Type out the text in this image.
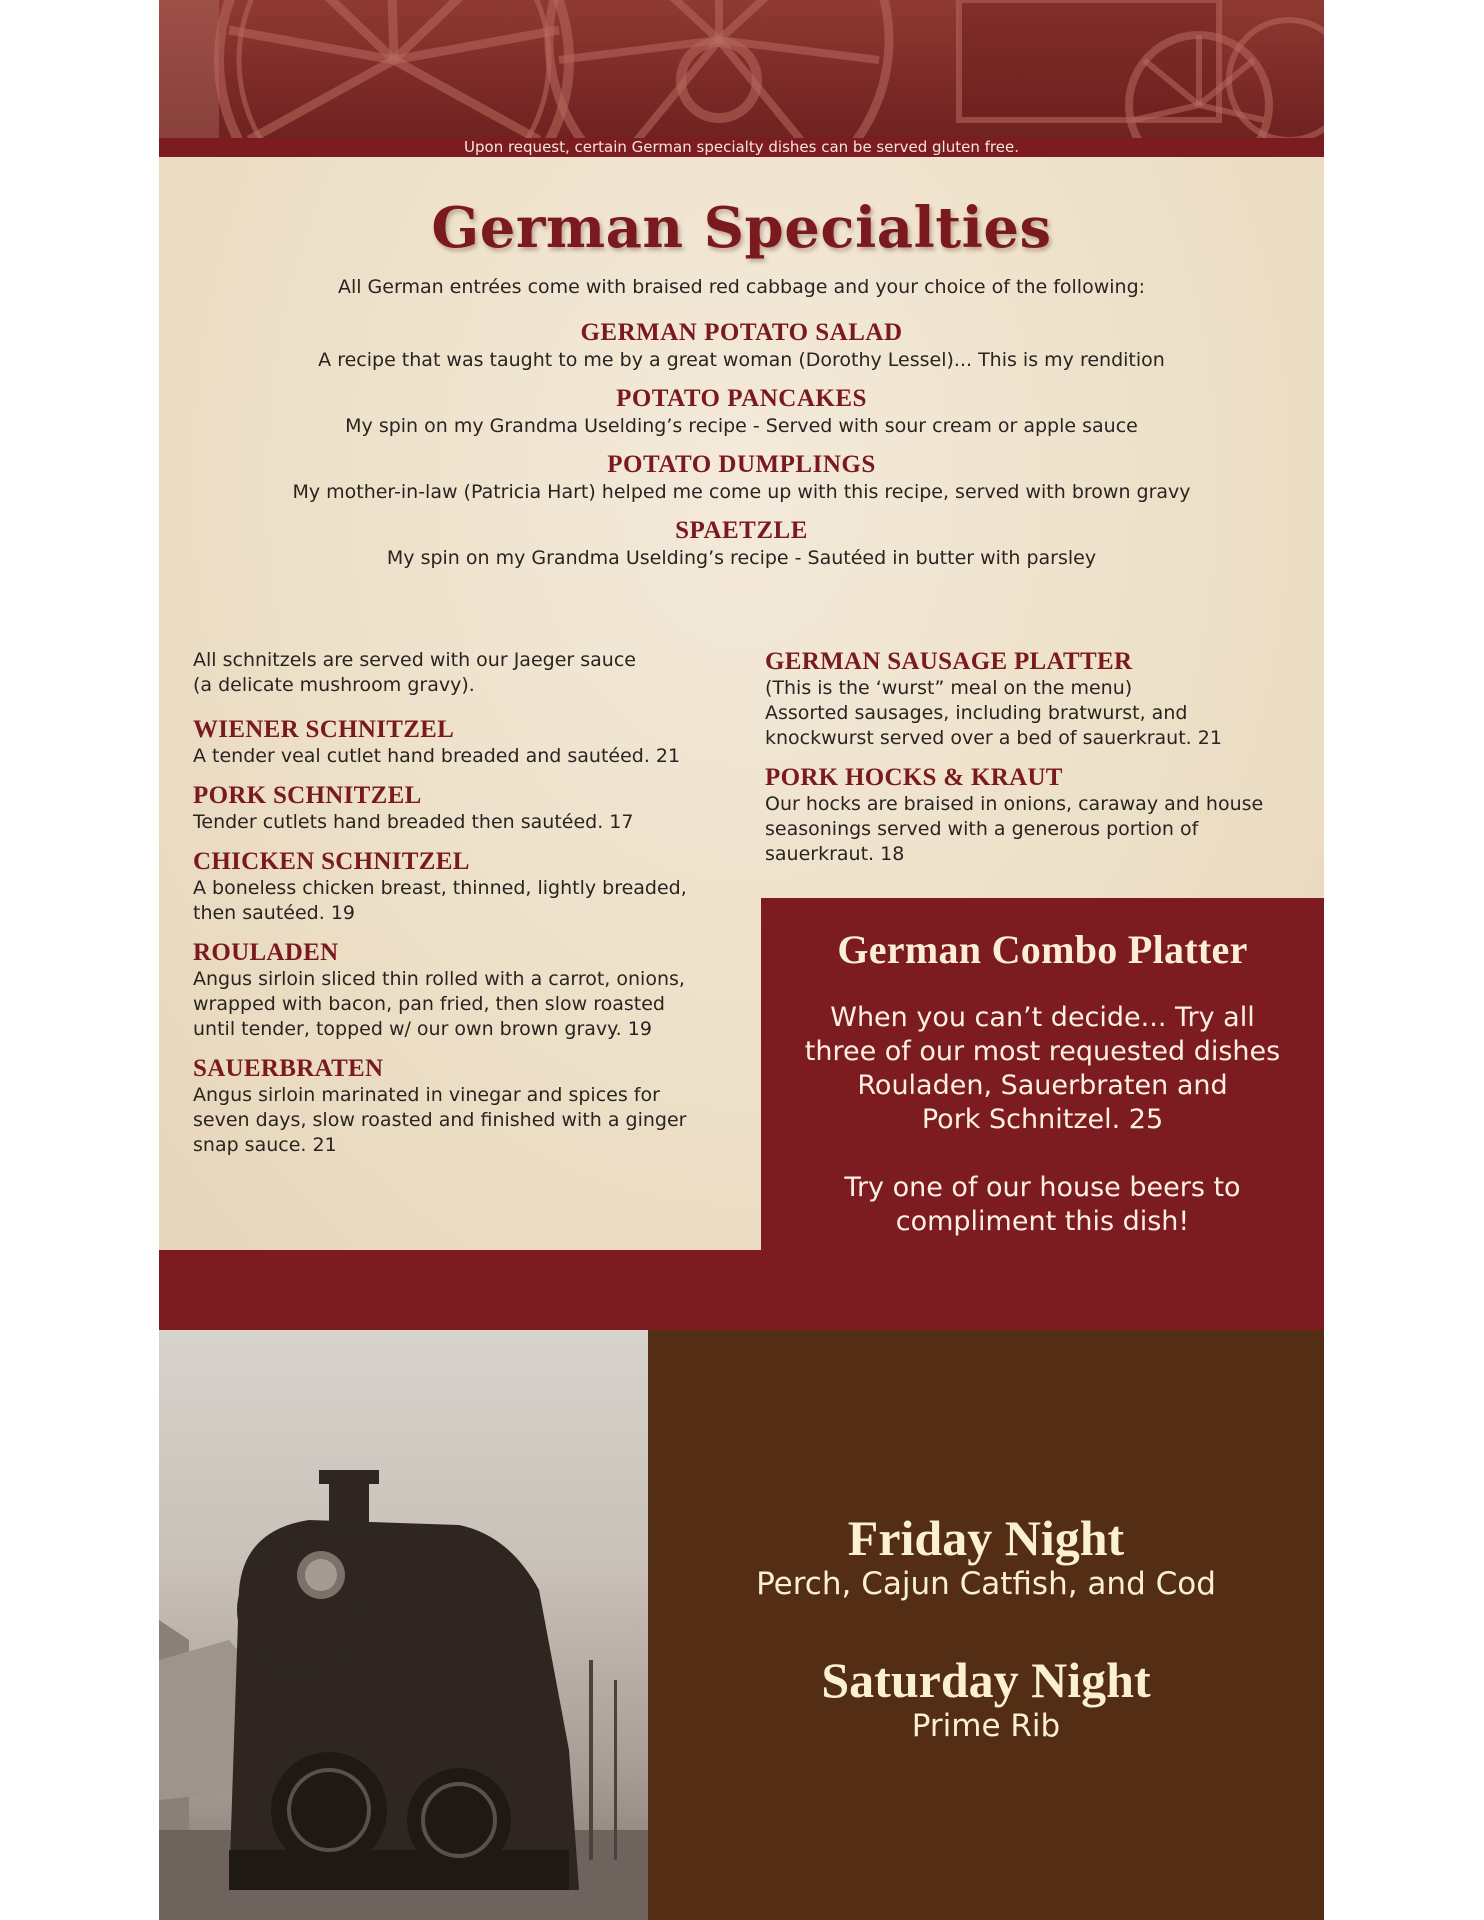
Upon request, certain German specialty dishes can be served gluten free.
German Specialties
All German entrées come with braised red cabbage and your choice of the following:
GERMAN POTATO SALAD
A recipe that was taught to me by a great woman (Dorothy Lessel)... This is my rendition
POTATO PANCAKES
My spin on my Grandma Uselding’s recipe - Served with sour cream or apple sauce
POTATO DUMPLINGS
My mother-in-law (Patricia Hart) helped me come up with this recipe, served with brown gravy
SPAETZLE
My spin on my Grandma Uselding’s recipe - Sautéed in butter with parsley
All schnitzels are served with our Jaeger sauce
(a delicate mushroom gravy).
WIENER SCHNITZEL
A tender veal cutlet hand breaded and sautéed. 21
PORK SCHNITZEL
Tender cutlets hand breaded then sautéed. 17
CHICKEN SCHNITZEL
A boneless chicken breast, thinned, lightly breaded,
then sautéed. 19
ROULADEN
Angus sirloin sliced thin rolled with a carrot, onions,
wrapped with bacon, pan fried, then slow roasted
until tender, topped w/ our own brown gravy. 19
SAUERBRATEN
Angus sirloin marinated in vinegar and spices for
seven days, slow roasted and finished with a ginger
snap sauce. 21
GERMAN SAUSAGE PLATTER
(This is the ‘wurst” meal on the menu)
Assorted sausages, including bratwurst, and
knockwurst served over a bed of sauerkraut. 21
PORK HOCKS & KRAUT
Our hocks are braised in onions, caraway and house
seasonings served with a generous portion of
sauerkraut. 18
German Combo Platter
When you can’t decide... Try all
three of our most requested dishes
Rouladen, Sauerbraten and
Pork Schnitzel. 25
Try one of our house beers to
compliment this dish!
Friday Night
Perch, Cajun Catfish, and Cod
Saturday Night
Prime Rib
